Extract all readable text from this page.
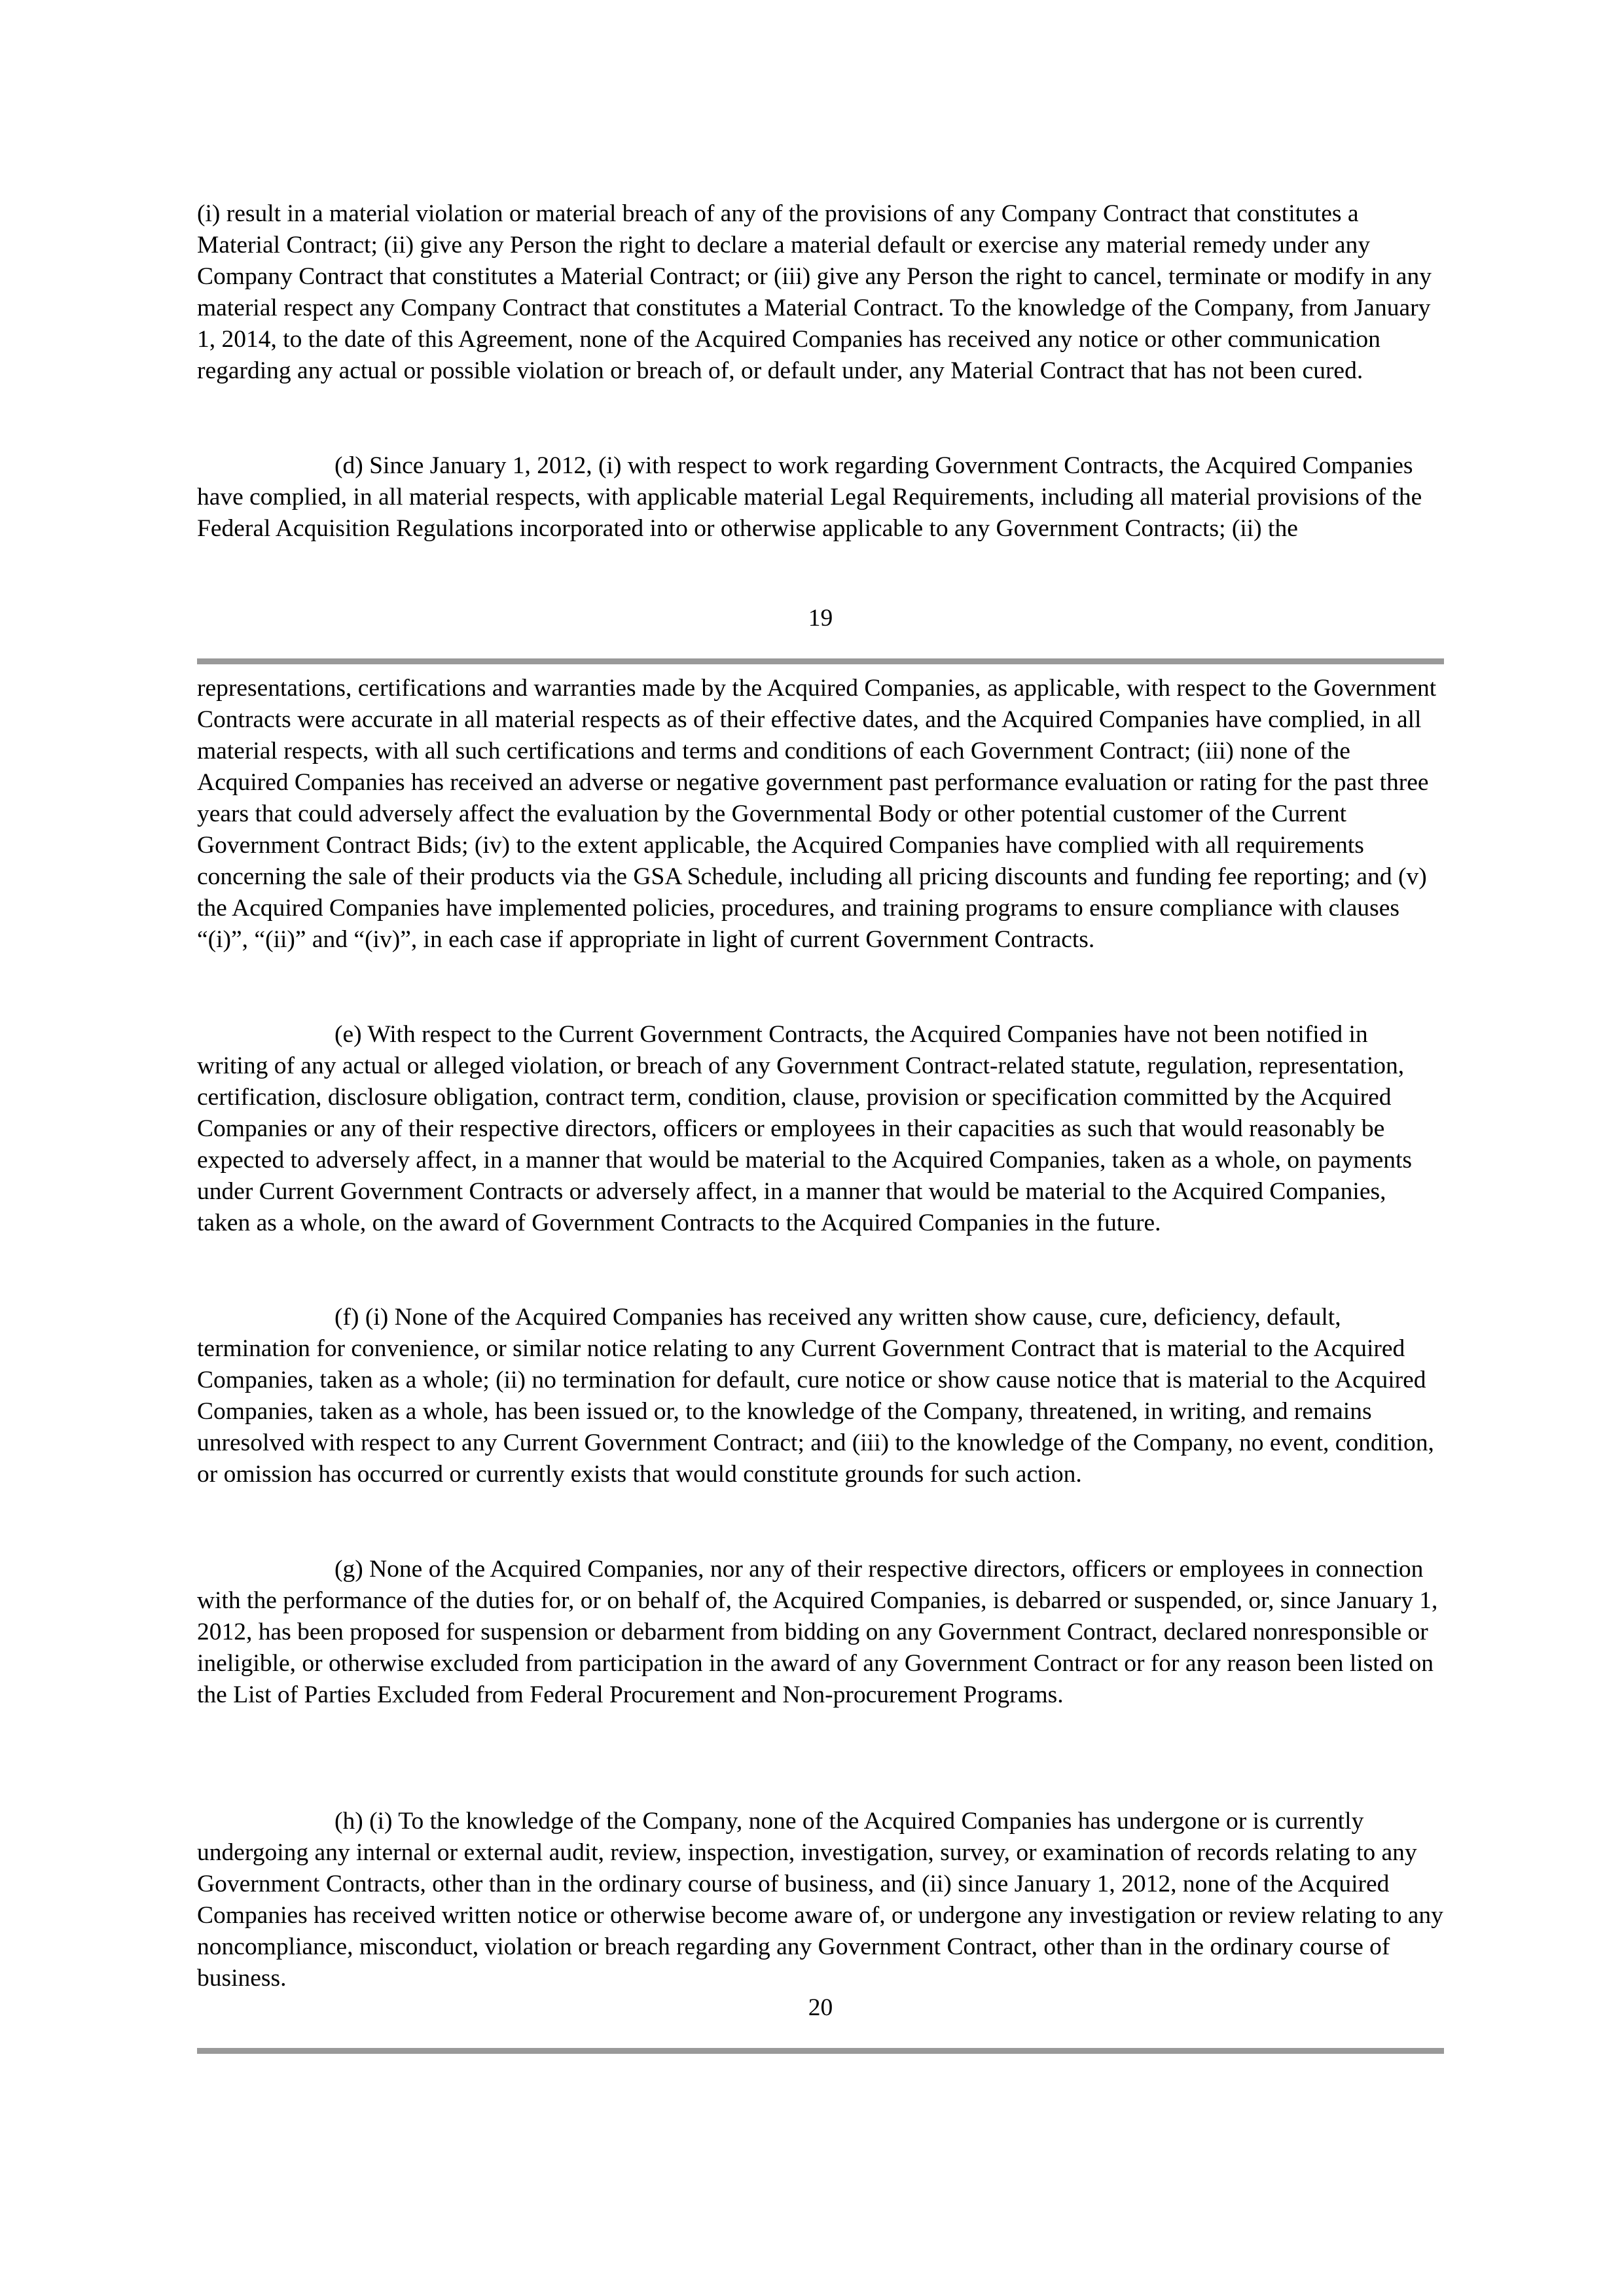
(i) result in a material violation or material breach of any of the provisions of any Company Contract that constitutes a Material Contract; (ii) give any Person the right to declare a material default or exercise any material remedy under any Company Contract that constitutes a Material Contract; or (iii) give any Person the right to cancel, terminate or modify in any material respect any Company Contract that constitutes a Material Contract. To the knowledge of the Company, from January 1, 2014, to the date of this Agreement, none of the Acquired Companies has received any notice or other communication regarding any actual or possible violation or breach of, or default under, any Material Contract that has not been cured.

(d) Since January 1, 2012, (i) with respect to work regarding Government Contracts, the Acquired Companies have complied, in all material respects, with applicable material Legal Requirements, including all material provisions of the Federal Acquisition Regulations incorporated into or otherwise applicable to any Government Contracts; (ii) the

19

representations, certifications and warranties made by the Acquired Companies, as applicable, with respect to the Government Contracts were accurate in all material respects as of their effective dates, and the Acquired Companies have complied, in all material respects, with all such certifications and terms and conditions of each Government Contract; (iii) none of the Acquired Companies has received an adverse or negative government past performance evaluation or rating for the past three years that could adversely affect the evaluation by the Governmental Body or other potential customer of the Current Government Contract Bids; (iv) to the extent applicable, the Acquired Companies have complied with all requirements concerning the sale of their products via the GSA Schedule, including all pricing discounts and funding fee reporting; and (v) the Acquired Companies have implemented policies, procedures, and training programs to ensure compliance with clauses “(i)”, “(ii)” and “(iv)”, in each case if appropriate in light of current Government Contracts.

(e) With respect to the Current Government Contracts, the Acquired Companies have not been notified in writing of any actual or alleged violation, or breach of any Government Contract-related statute, regulation, representation, certification, disclosure obligation, contract term, condition, clause, provision or specification committed by the Acquired Companies or any of their respective directors, officers or employees in their capacities as such that would reasonably be expected to adversely affect, in a manner that would be material to the Acquired Companies, taken as a whole, on payments under Current Government Contracts or adversely affect, in a manner that would be material to the Acquired Companies, taken as a whole, on the award of Government Contracts to the Acquired Companies in the future.

(f) (i) None of the Acquired Companies has received any written show cause, cure, deficiency, default, termination for convenience, or similar notice relating to any Current Government Contract that is material to the Acquired Companies, taken as a whole; (ii) no termination for default, cure notice or show cause notice that is material to the Acquired Companies, taken as a whole, has been issued or, to the knowledge of the Company, threatened, in writing, and remains unresolved with respect to any Current Government Contract; and (iii) to the knowledge of the Company, no event, condition, or omission has occurred or currently exists that would constitute grounds for such action.

(g) None of the Acquired Companies, nor any of their respective directors, officers or employees in connection with the performance of the duties for, or on behalf of, the Acquired Companies, is debarred or suspended, or, since January 1, 2012, has been proposed for suspension or debarment from bidding on any Government Contract, declared nonresponsible or ineligible, or otherwise excluded from participation in the award of any Government Contract or for any reason been listed on the List of Parties Excluded from Federal Procurement and Non-procurement Programs.

(h) (i) To the knowledge of the Company, none of the Acquired Companies has undergone or is currently undergoing any internal or external audit, review, inspection, investigation, survey, or examination of records relating to any Government Contracts, other than in the ordinary course of business, and (ii) since January 1, 2012, none of the Acquired Companies has received written notice or otherwise become aware of, or undergone any investigation or review relating to any noncompliance, misconduct, violation or breach regarding any Government Contract, other than in the ordinary course of business.

20
